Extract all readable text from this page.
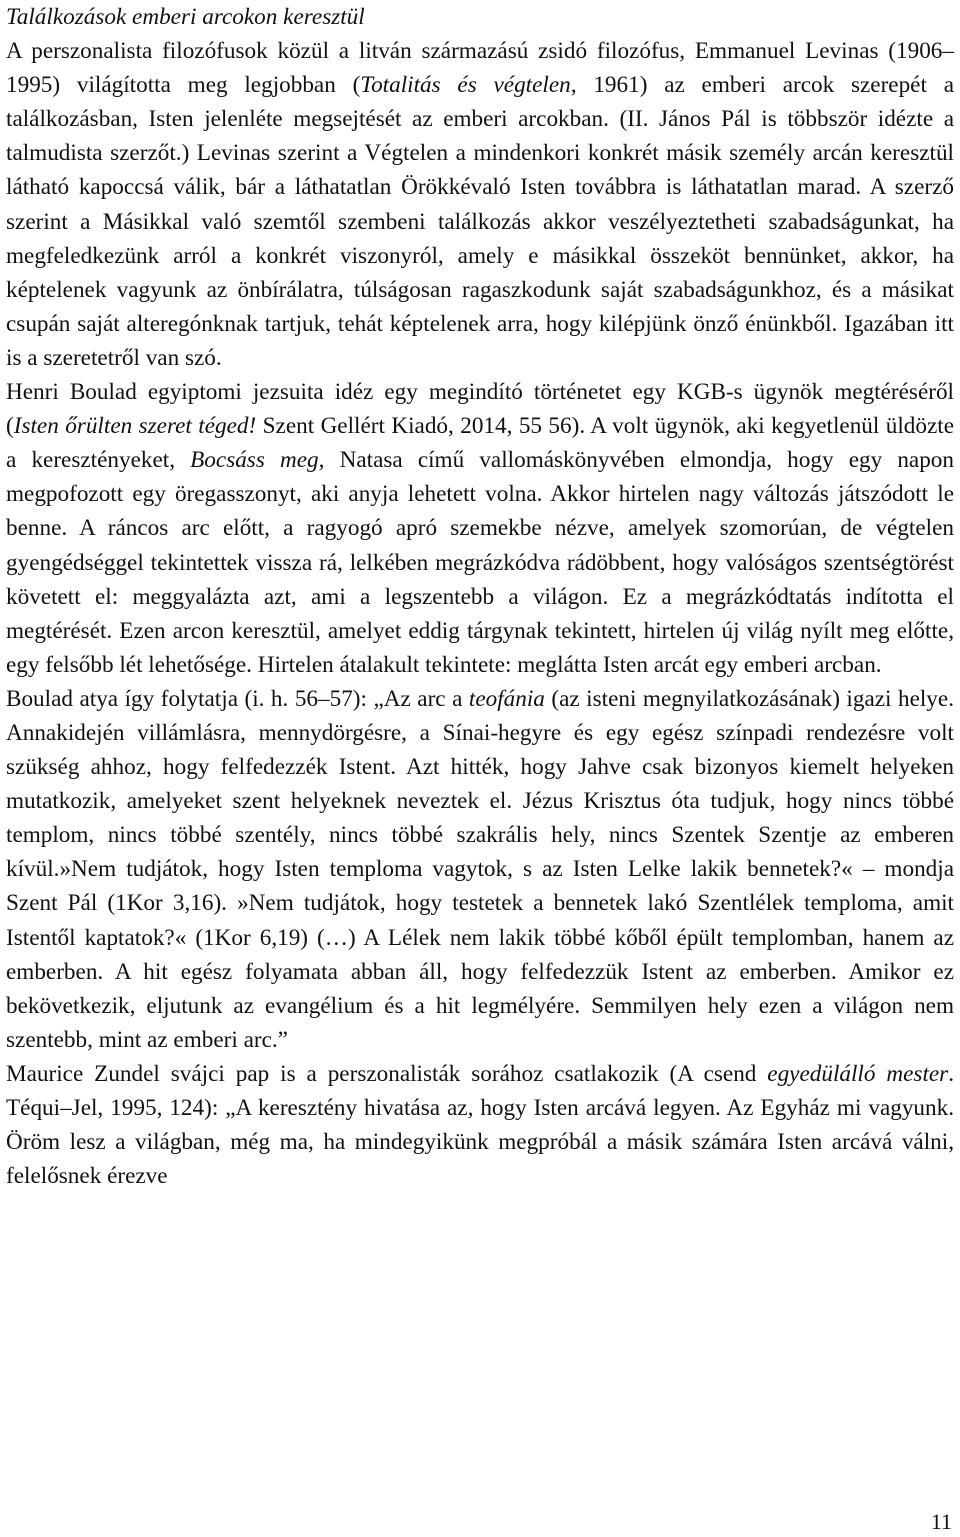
Találkozások emberi arcokon keresztül

A perszonalista filozófusok közül a litván származású zsidó filozófus, Emmanuel Levinas (1906–1995) világította meg legjobban (Totalitás és végtelen, 1961) az emberi arcok szerepét a találkozásban, Isten jelenléte megsejtését az emberi arcokban. (II. János Pál is többször idézte a talmudista szerzőt.) Levinas szerint a Végtelen a mindenkori konkrét másik személy arcán keresztül látható kapoccsá válik, bár a láthatatlan Örökkévaló Isten továbbra is láthatatlan marad. A szerző szerint a Másikkal való szemtől szembeni találkozás akkor veszélyeztetheti szabadságunkat, ha megfeledkezünk arról a konkrét viszonyról, amely e másikkal összeköt bennünket, akkor, ha képtelenek vagyunk az önbírálatra, túlságosan ragaszkodunk saját szabadságunkhoz, és a másikat csupán saját alteregónknak tartjuk, tehát képtelenek arra, hogy kilépjünk önző énünkből. Igazában itt is a szeretetről van szó.

Henri Boulad egyiptomi jezsuita idéz egy megindító történetet egy KGB-s ügynök megtéréséről (Isten őrülten szeret téged! Szent Gellért Kiadó, 2014, 55 56). A volt ügynök, aki kegyetlenül üldözte a keresztényeket, Bocsáss meg, Natasa című vallomáskönyvében elmondja, hogy egy napon megpofozott egy öregasszonyt, aki anyja lehetett volna. Akkor hirtelen nagy változás játszódott le benne. A ráncos arc előtt, a ragyogó apró szemekbe nézve, amelyek szomorúan, de végtelen gyengédséggel tekintettek vissza rá, lelkében megrázkódva rádöbbent, hogy valóságos szentségtörést követett el: meggyalázta azt, ami a legszentebb a világon. Ez a megrázkódtatás indította el megtérését. Ezen arcon keresztül, amelyet eddig tárgynak tekintett, hirtelen új világ nyílt meg előtte, egy felsőbb lét lehetősége. Hirtelen átalakult tekintete: meglátta Isten arcát egy emberi arcban.

Boulad atya így folytatja (i. h. 56–57): „Az arc a teofánia (az isteni megnyilatkozásának) igazi helye. Annakidején villámlásra, mennydörgésre, a Sínai-hegyre és egy egész színpadi rendezésre volt szükség ahhoz, hogy felfedezzék Istent. Azt hitték, hogy Jahve csak bizonyos kiemelt helyeken mutatkozik, amelyeket szent helyeknek neveztek el. Jézus Krisztus óta tudjuk, hogy nincs többé templom, nincs többé szentély, nincs többé szakrális hely, nincs Szentek Szentje az emberen kívül.»Nem tudjátok, hogy Isten temploma vagytok, s az Isten Lelke lakik bennetek?« – mondja Szent Pál (1Kor 3,16). »Nem tudjátok, hogy testetek a bennetek lakó Szentlélek temploma, amit Istentől kaptatok?« (1Kor 6,19) (…) A Lélek nem lakik többé kőből épült templomban, hanem az emberben. A hit egész folyamata abban áll, hogy felfedezzük Istent az emberben. Amikor ez bekövetkezik, eljutunk az evangélium és a hit legmélyére. Semmilyen hely ezen a világon nem szentebb, mint az emberi arc.”

Maurice Zundel svájci pap is a perszonalisták sorához csatlakozik (A csend egyedülálló mester. Téqui–Jel, 1995, 124): „A keresztény hivatása az, hogy Isten arcává legyen. Az Egyház mi vagyunk. Öröm lesz a világban, még ma, ha mindegyikünk megpróbál a másik számára Isten arcává válni, felelősnek érezve

11
